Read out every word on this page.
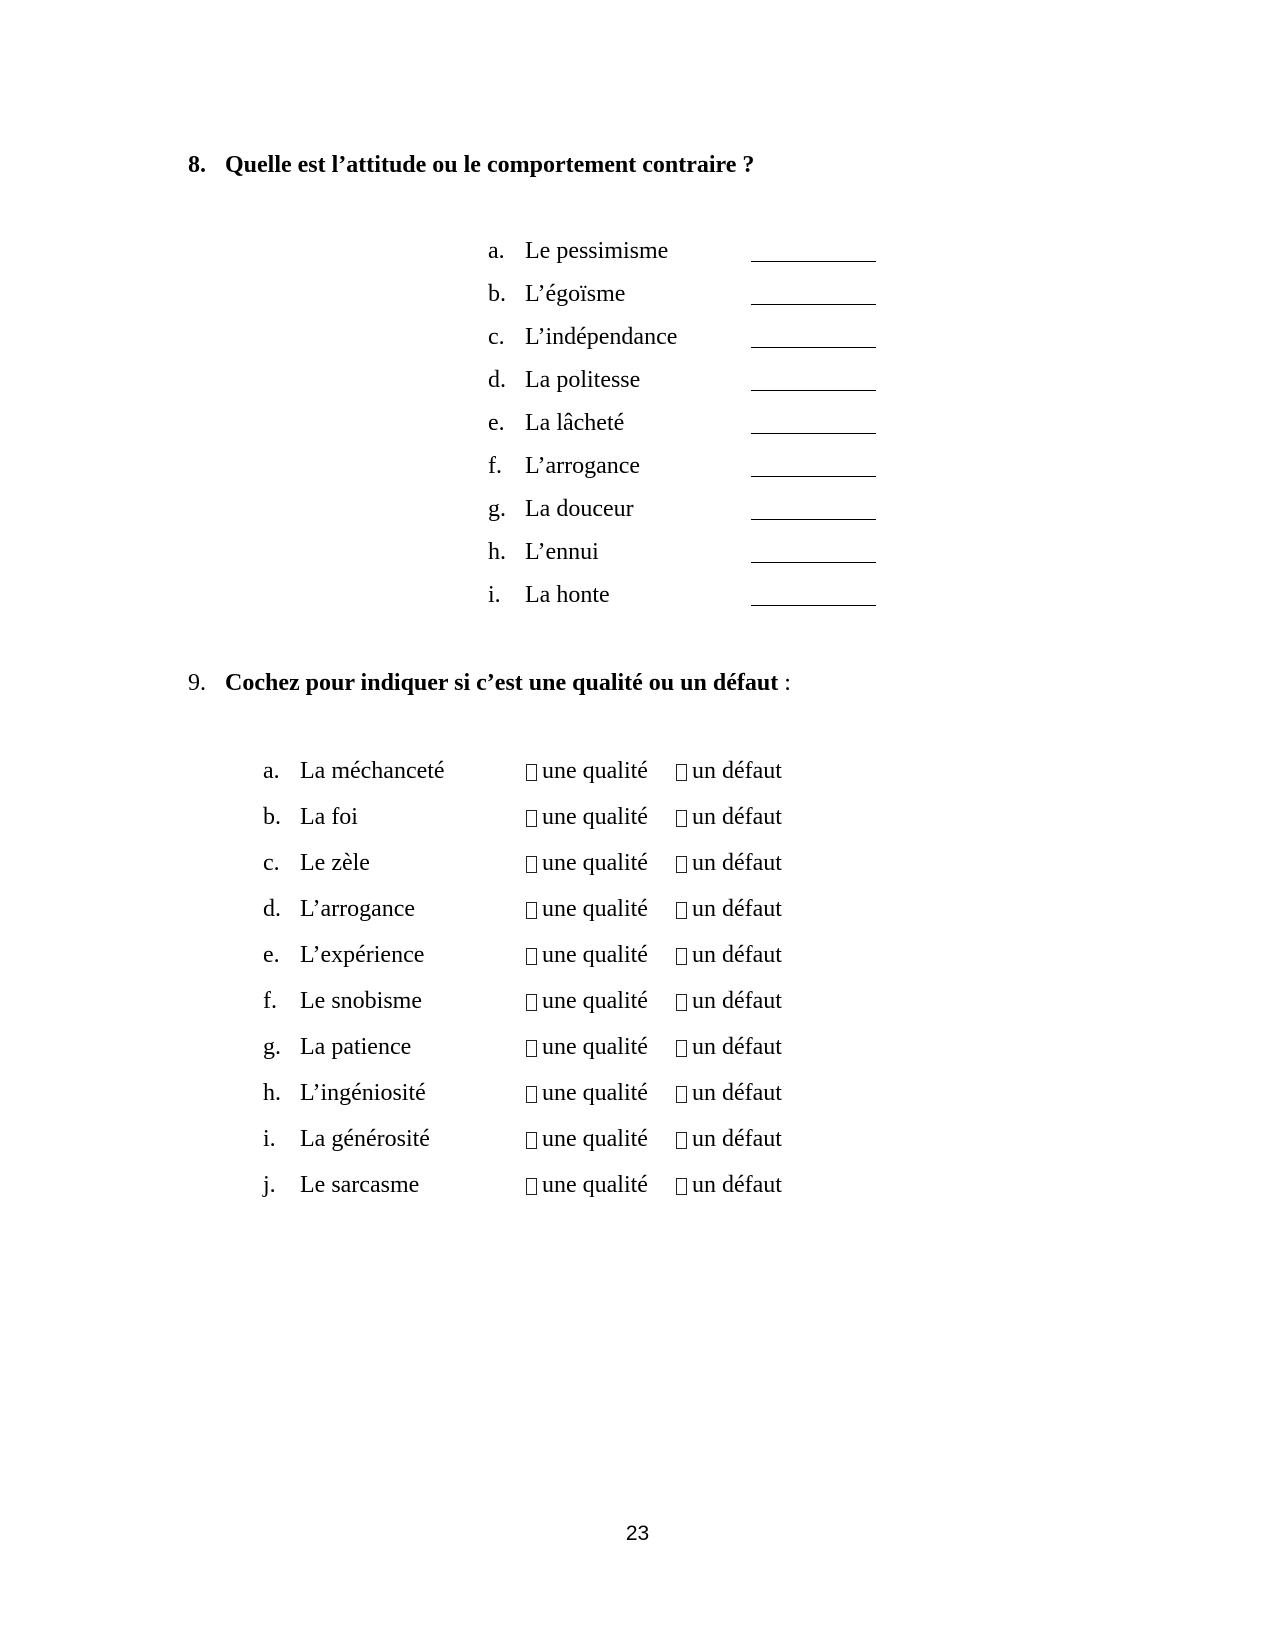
8. Quelle est l’attitude ou le comportement contraire ?
a. Le pessimisme
b. L’égoïsme
c. L’indépendance
d. La politesse
e. La lâcheté
f. L’arrogance
g. La douceur
h. L’ennui
i. La honte
9. Cochez pour indiquer si c’est une qualité ou un défaut :
a. La méchanceté	une qualité un défaut
b. La foi	une qualité un défaut
c. Le zèle	une qualité un défaut
d. L’arrogance	une qualité un défaut
e. L’expérience	une qualité un défaut
f. Le snobisme	une qualité un défaut
g. La patience	une qualité un défaut
h. L’ingéniosité	une qualité un défaut
i. La générosité	une qualité un défaut
j. Le sarcasme	une qualité un défaut
23
